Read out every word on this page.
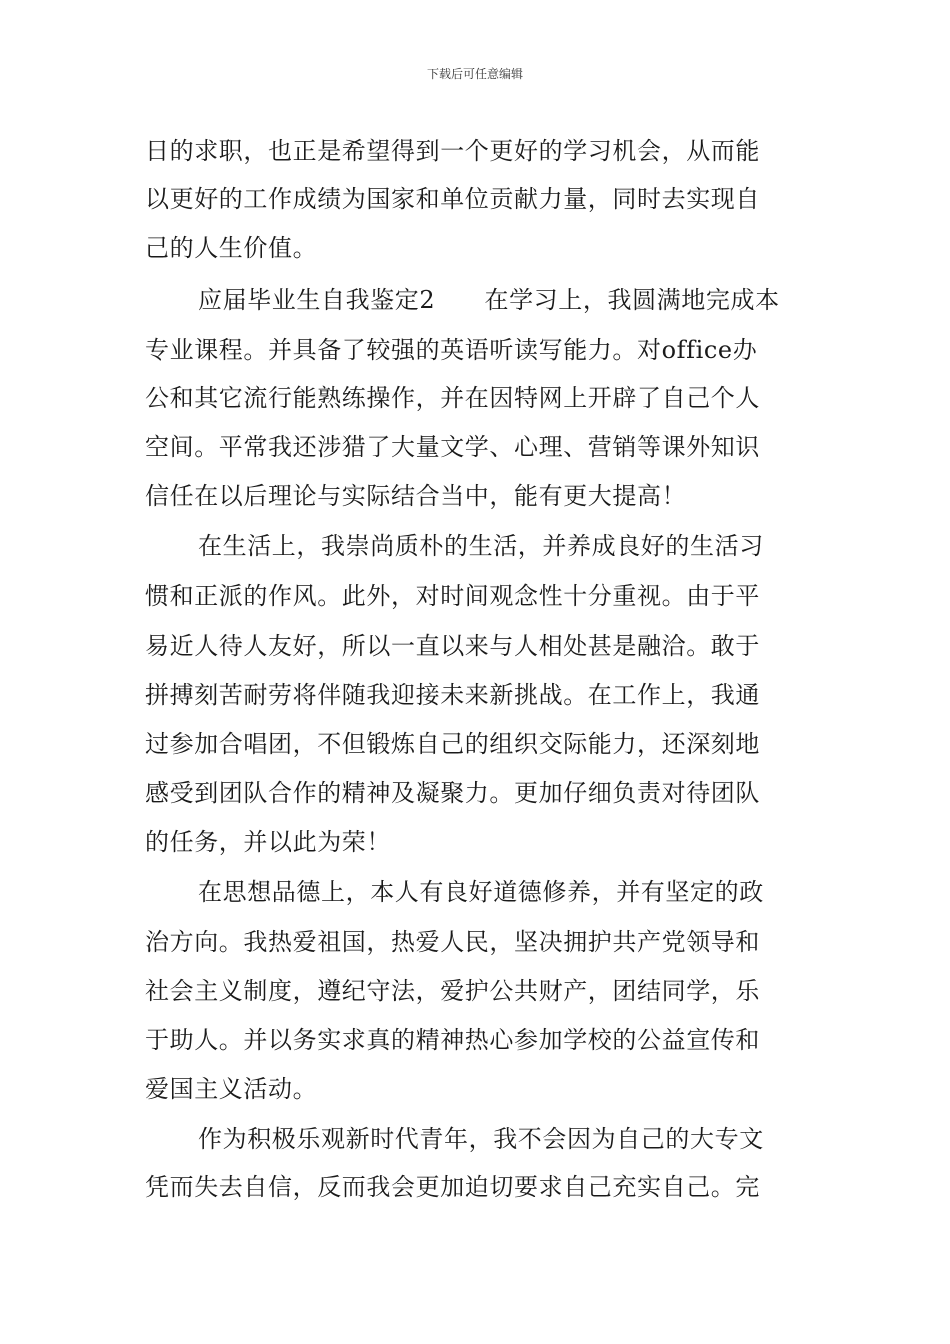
下载后可任意编辑
日的求职，也正是希望得到一个更好的学习机会，从而能
以更好的工作成绩为国家和单位贡献力量，同时去实现自
己的人生价值。
应届毕业生自我鉴定2　　在学习上，我圆满地完成本
专业课程。并具备了较强的英语听读写能力。对office办
公和其它流行能熟练操作，并在因特网上开辟了自己个人
空间。平常我还涉猎了大量文学、心理、营销等课外知识
信任在以后理论与实际结合当中，能有更大提高！
在生活上，我崇尚质朴的生活，并养成良好的生活习
惯和正派的作风。此外，对时间观念性十分重视。由于平
易近人待人友好，所以一直以来与人相处甚是融洽。敢于
拼搏刻苦耐劳将伴随我迎接未来新挑战。在工作上，我通
过参加合唱团，不但锻炼自己的组织交际能力，还深刻地
感受到团队合作的精神及凝聚力。更加仔细负责对待团队
的任务，并以此为荣！
在思想品德上，本人有良好道德修养，并有坚定的政
治方向。我热爱祖国，热爱人民，坚决拥护共产党领导和
社会主义制度，遵纪守法，爱护公共财产，团结同学，乐
于助人。并以务实求真的精神热心参加学校的公益宣传和
爱国主义活动。
作为积极乐观新时代青年，我不会因为自己的大专文
凭而失去自信，反而我会更加迫切要求自己充实自己。完
